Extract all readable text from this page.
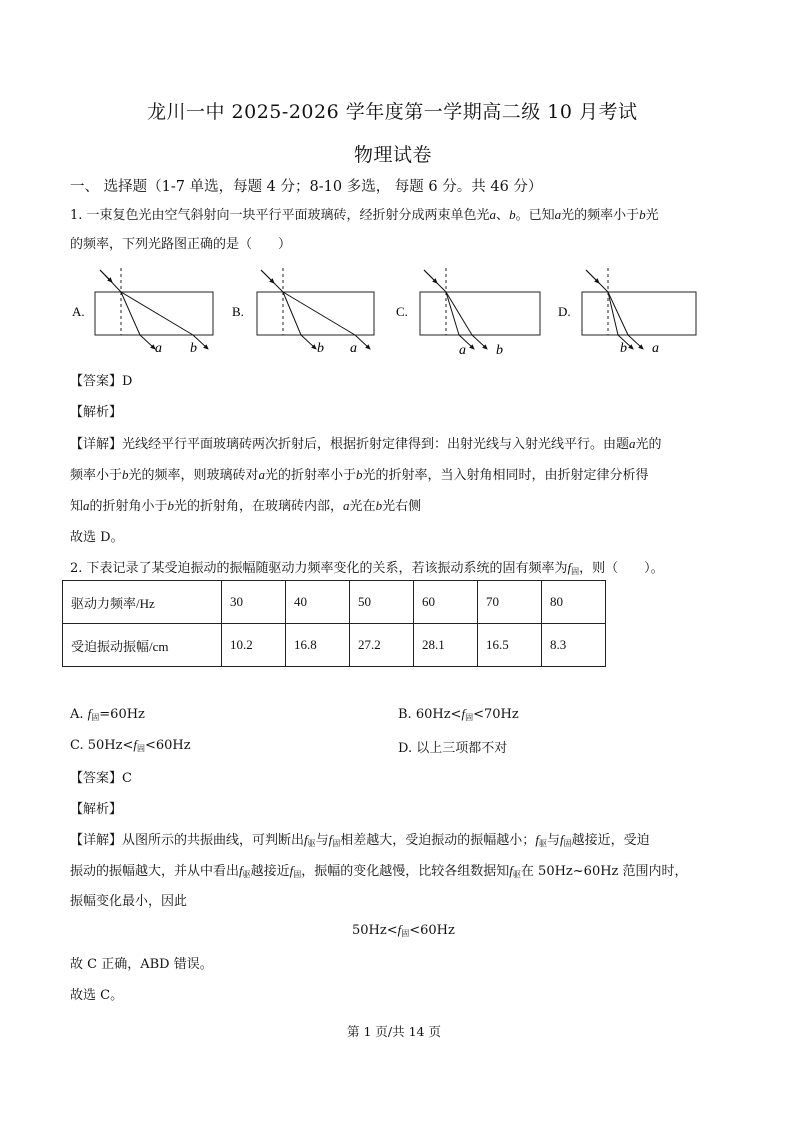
龙川一中 2025-2026 学年度第一学期高二级 10 月考试
物理试卷
一、 选择题（1-7 单选，每题 4 分；8-10 多选， 每题 6 分。共 46 分）
1. 一束复色光由空气斜射向一块平行平面玻璃砖，经折射分成两束单色光a、b。已知a光的频率小于b光
的频率，下列光路图正确的是（　　）
A.
a b
B.
b a
C.
a b
D.
b a
【答案】D
【解析】
【详解】光线经平行平面玻璃砖两次折射后，根据折射定律得到：出射光线与入射光线平行。由题a光的
频率小于b光的频率，则玻璃砖对a光的折射率小于b光的折射率，当入射角相同时，由折射定律分析得
知a的折射角小于b光的折射角，在玻璃砖内部，a光在b光右侧
故选 D。
2. 下表记录了某受迫振动的振幅随驱动力频率变化的关系，若该振动系统的固有频率为$f_固$，则（　　）。
驱动力频率/Hz	30	40	50	60	70	80
受迫振动振幅/cm	10.2	16.8	27.2	28.1	16.5	8.3
A. $f_固=60Hz$	B. $60Hz<f_固<70Hz$
C. $50Hz<f_固<60Hz$	D. 以上三项都不对
【答案】C
【解析】
【详解】从图所示的共振曲线，可判断出$f_驱$与$f_固$相差越大，受迫振动的振幅越小；$f_驱$与$f_固$越接近，受迫
振动的振幅越大，并从中看出$f_驱$越接近$f_固$，振幅的变化越慢，比较各组数据知$f_驱$在 50Hz~60Hz 范围内时，
振幅变化最小，因此
$50Hz<f_固<60Hz$
故 C 正确，ABD 错误。
故选 C。
第 1 页/共 14 页
